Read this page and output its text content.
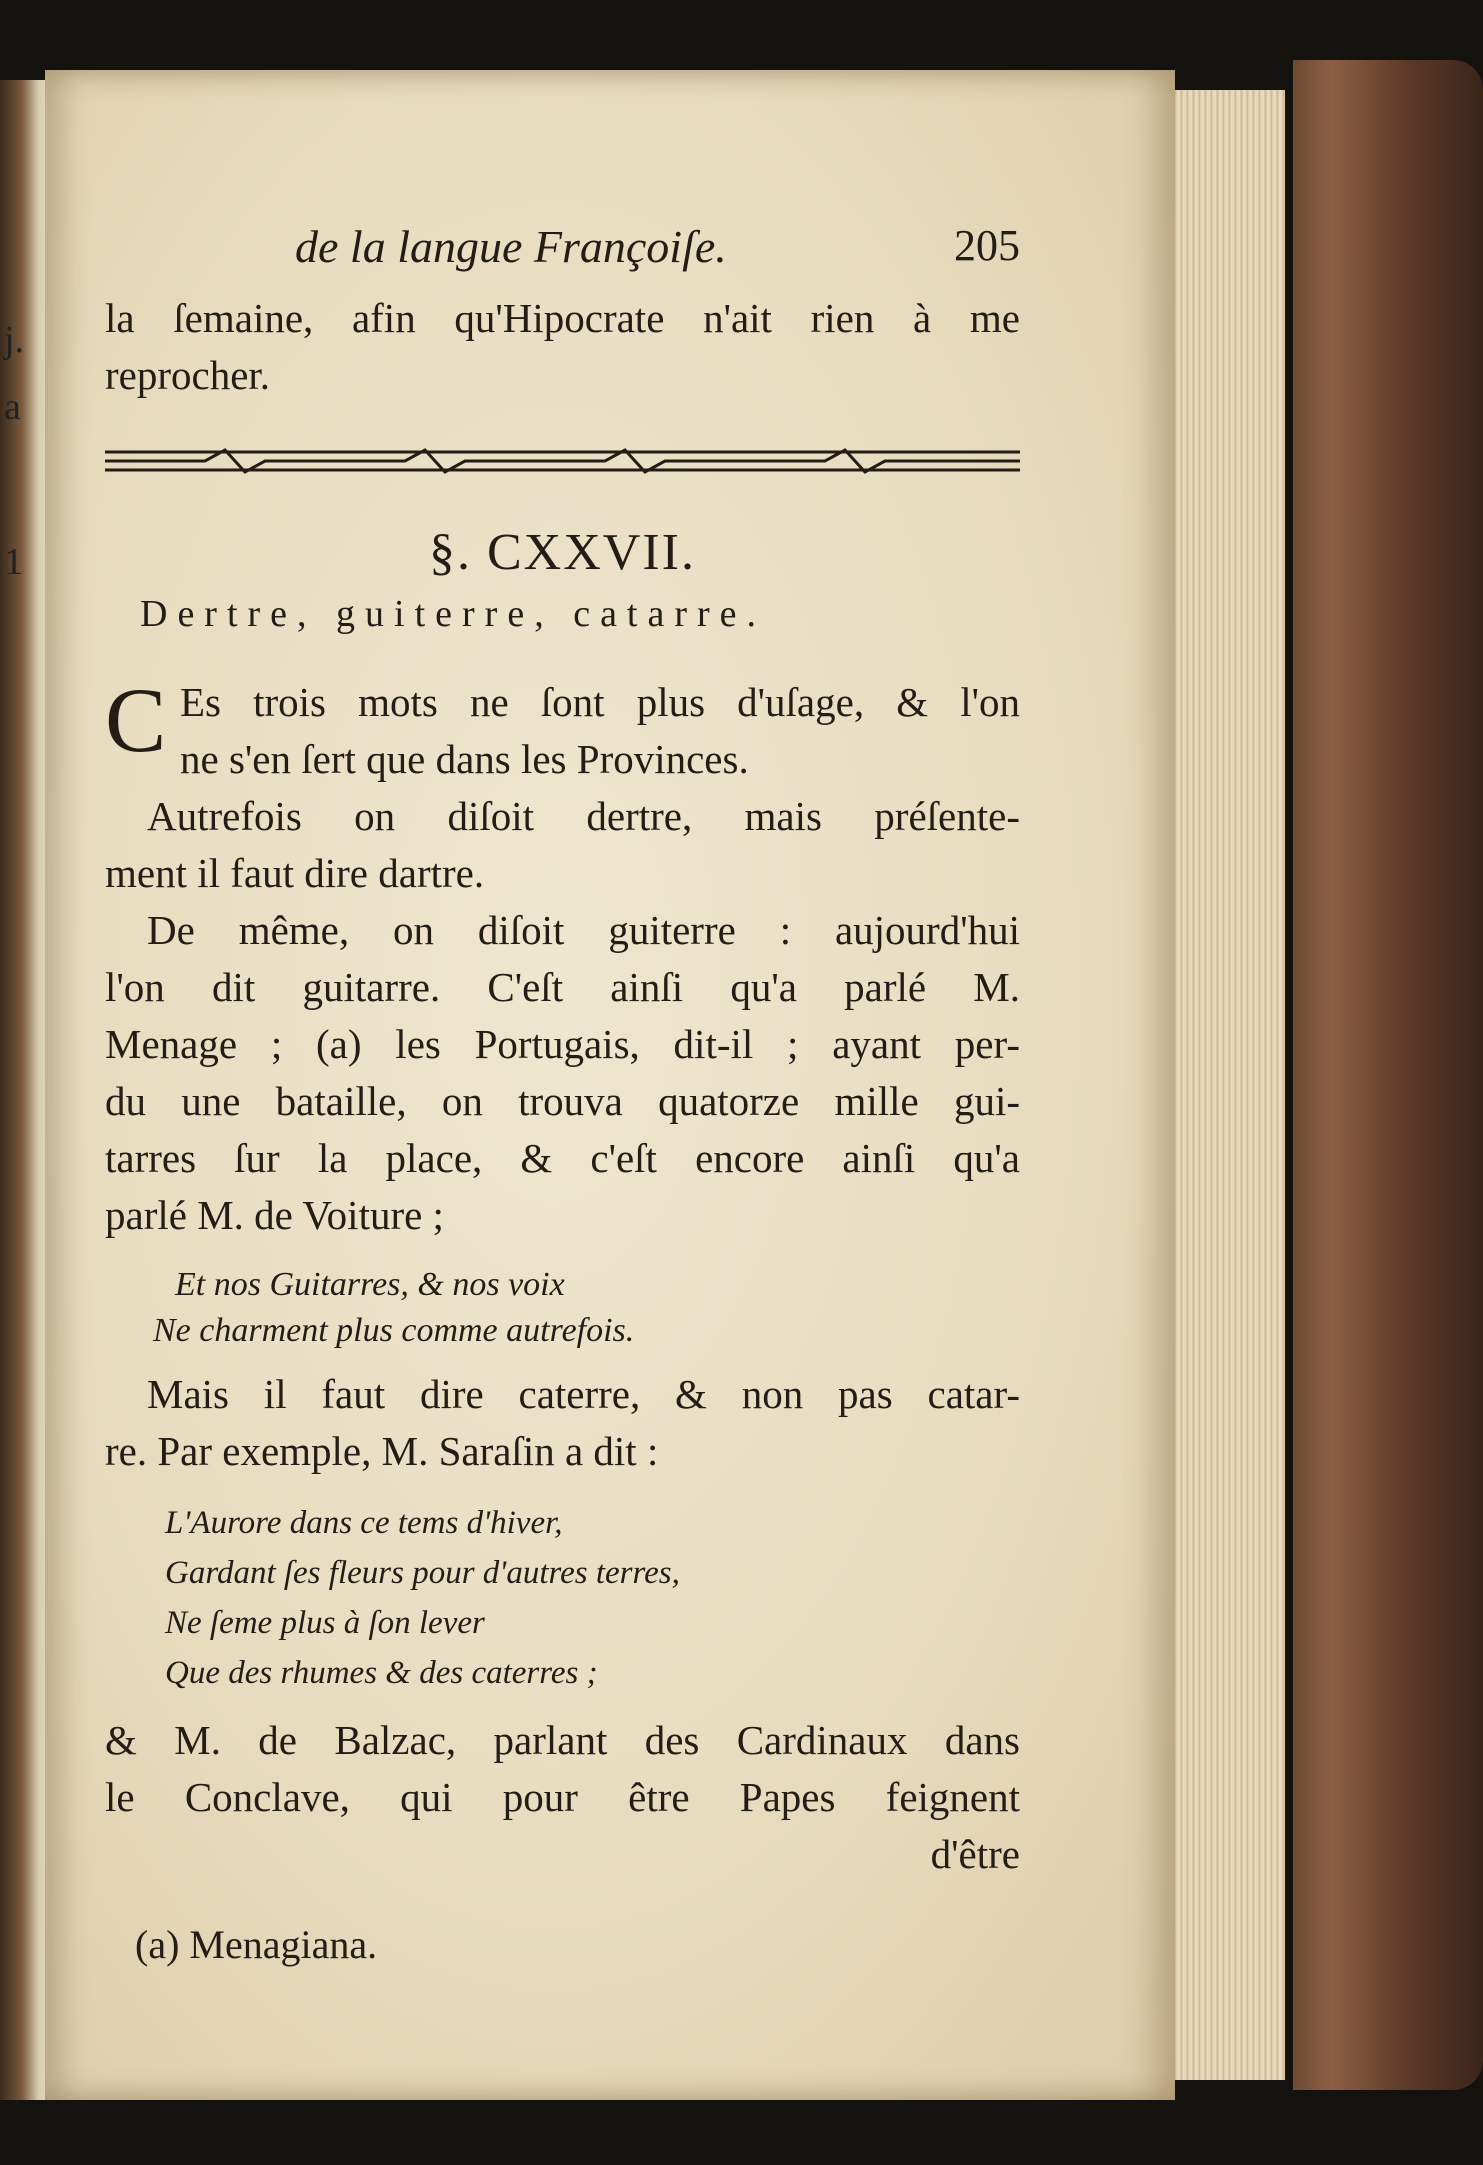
j.
a
1
de la langue Françoiſe.	205

la ſemaine, afin qu'Hipocrate n'ait rien à me

reprocher.

§. CXXVII.
Dertre, guiterre, catarre.
C Es trois mots ne ſont plus d'uſage, & l'on

ne s'en ſert que dans les Provinces.

Autrefois on diſoit dertre, mais préſente-

ment il faut dire dartre.

De même, on diſoit guiterre : aujourd'hui

l'on dit guitarre. C'eſt ainſi qu'a parlé M.

Menage ; (a) les Portugais, dit-il ; ayant per-

du une bataille, on trouva quatorze mille gui-

tarres ſur la place, & c'eſt encore ainſi qu'a

parlé M. de Voiture ;

Et nos Guitarres, & nos voix
Ne charment plus comme autrefois.

Mais il faut dire caterre, & non pas catar-

re. Par exemple, M. Saraſin a dit :

L'Aurore dans ce tems d'hiver,
Gardant ſes fleurs pour d'autres terres,
Ne ſeme plus à ſon lever
Que des rhumes & des caterres ;

& M. de Balzac, parlant des Cardinaux dans

le Conclave, qui pour être Papes feignent

d'être

(a) Menagiana.
